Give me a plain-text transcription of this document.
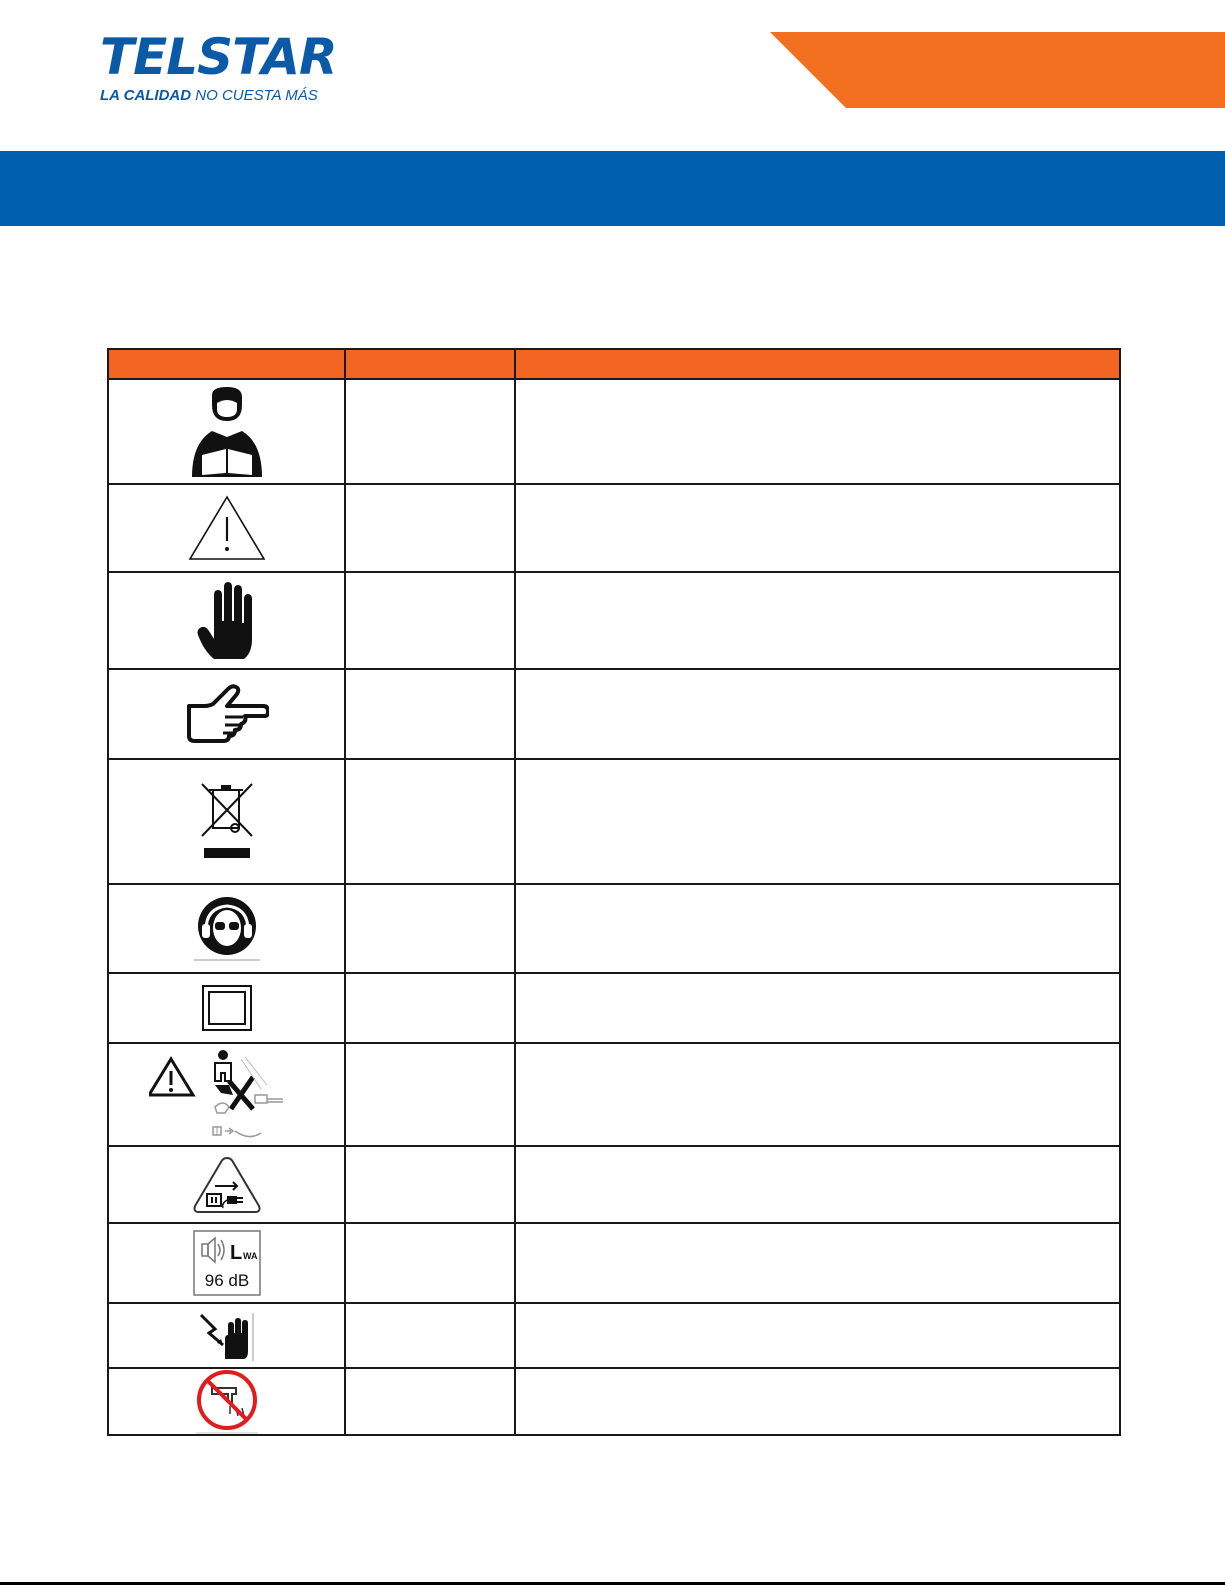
TELSTAR
LA CALIDAD NO CUESTA MÁS

L WA
96 dB		
